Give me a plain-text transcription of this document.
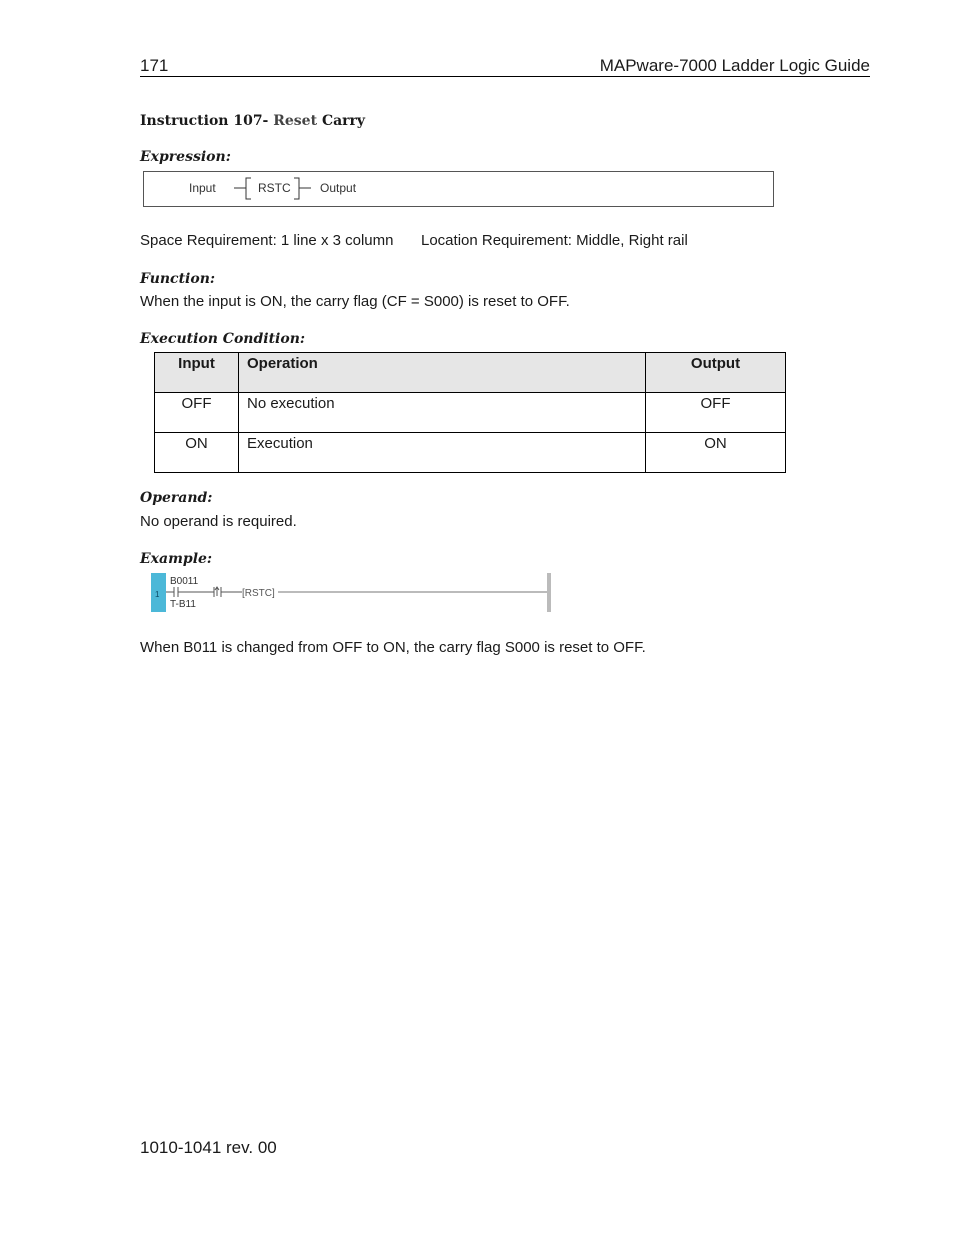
171	MAPware-7000 Ladder Logic Guide
Instruction 107- Reset Carry
Expression:
Input	RSTC Output
Space Requirement: 1 line x 3 column Location Requirement: Middle, Right rail
Function:
When the input is ON, the carry flag (CF = S000) is reset to OFF.
Execution Condition:
Input	Operation	Output
OFF	No execution	OFF
ON	Execution	ON
Operand:
No operand is required.
Example:
1
B0011
T-B11
[RSTC]
When B011 is changed from OFF to ON, the carry flag S000 is reset to OFF.
1010-1041 rev. 00
